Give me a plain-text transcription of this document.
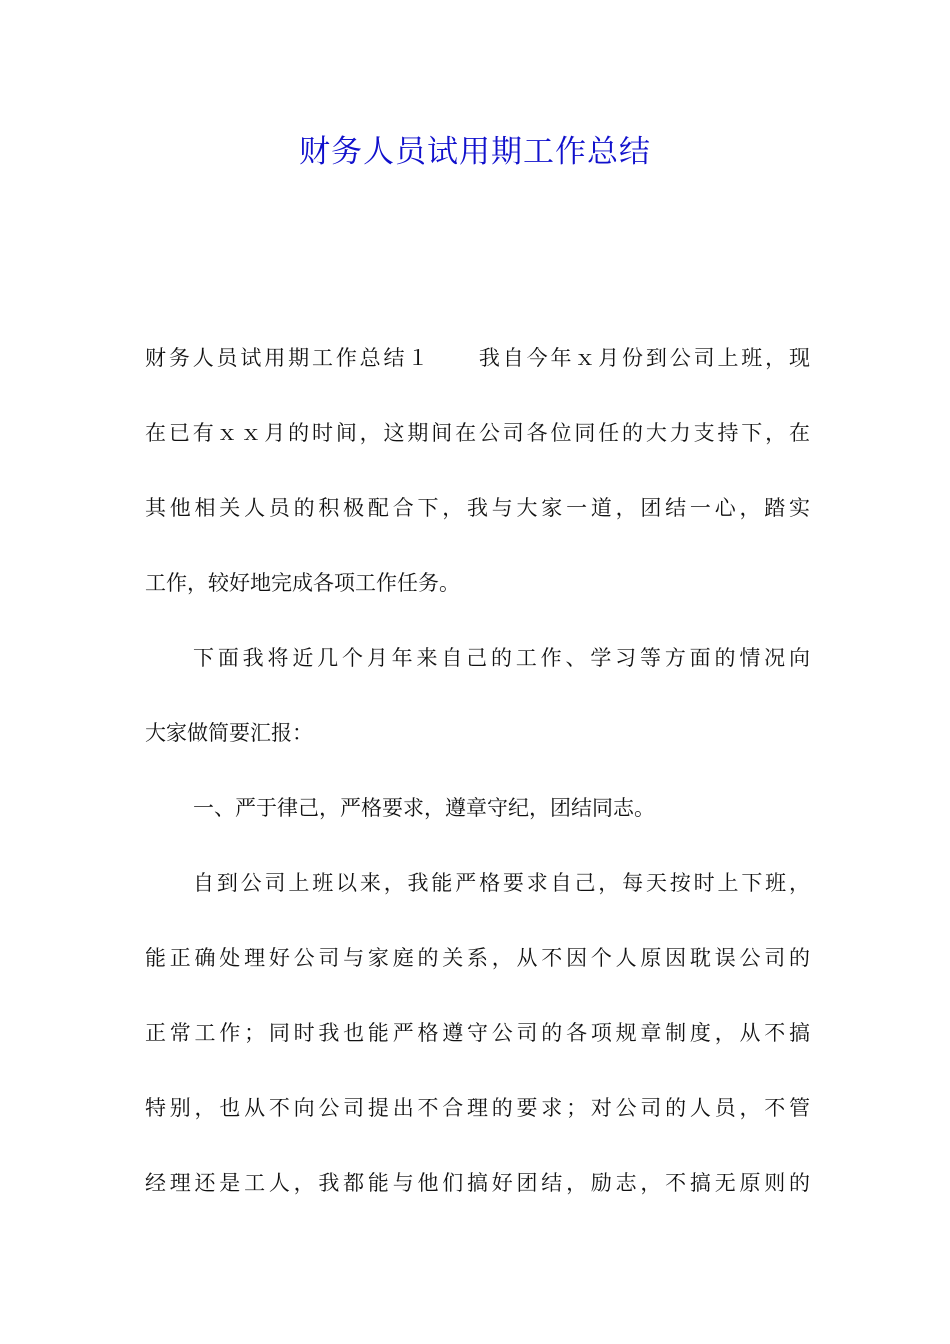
财务人员试用期工作总结

财务人员试用期工作总结１　　我自今年ｘ月份到公司上班，现

在已有ｘｘ月的时间，这期间在公司各位同任的大力支持下，在

其他相关人员的积极配合下，我与大家一道，团结一心，踏实

工作，较好地完成各项工作任务。

下面我将近几个月年来自己的工作、学习等方面的情况向

大家做简要汇报：

一、严于律己，严格要求，遵章守纪，团结同志。

自到公司上班以来，我能严格要求自己，每天按时上下班，

能正确处理好公司与家庭的关系，从不因个人原因耽误公司的

正常工作；同时我也能严格遵守公司的各项规章制度，从不搞

特别，也从不向公司提出不合理的要求；对公司的人员，不管

经理还是工人，我都能与他们搞好团结，励志，不搞无原则的
